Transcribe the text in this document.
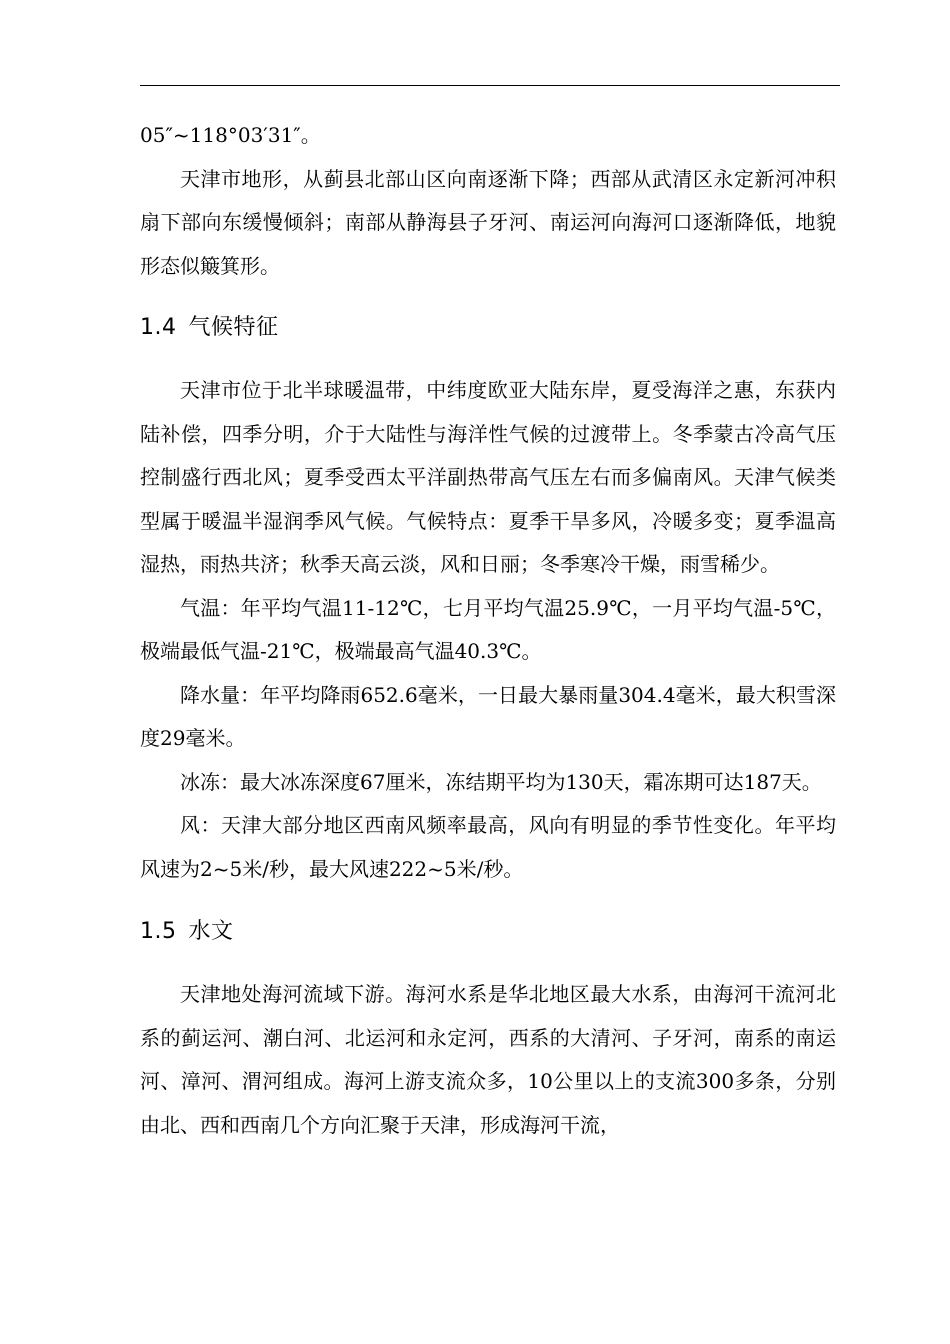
05″~118°03′31″。

天津市地形，从蓟县北部山区向南逐渐下降；西部从武清区永定新河冲积扇下部向东缓慢倾斜；南部从静海县子牙河、南运河向海河口逐渐降低，地貌形态似簸箕形。

1.4 气候特征

天津市位于北半球暖温带，中纬度欧亚大陆东岸，夏受海洋之惠，东获内陆补偿，四季分明，介于大陆性与海洋性气候的过渡带上。冬季蒙古冷高气压控制盛行西北风；夏季受西太平洋副热带高气压左右而多偏南风。天津气候类型属于暖温半湿润季风气候。气候特点：夏季干旱多风，冷暖多变；夏季温高湿热，雨热共济；秋季天高云淡，风和日丽；冬季寒冷干燥，雨雪稀少。

气温：年平均气温11-12℃，七月平均气温25.9℃，一月平均气温-5℃，极端最低气温-21℃，极端最高气温40.3℃。

降水量：年平均降雨652.6毫米，一日最大暴雨量304.4毫米，最大积雪深度29毫米。

冰冻：最大冰冻深度67厘米，冻结期平均为130天，霜冻期可达187天。

风：天津大部分地区西南风频率最高，风向有明显的季节性变化。年平均风速为2~5米/秒，最大风速222~5米/秒。

1.5 水文

天津地处海河流域下游。海河水系是华北地区最大水系，由海河干流河北系的蓟运河、潮白河、北运河和永定河，西系的大清河、子牙河，南系的南运河、漳河、渭河组成。海河上游支流众多，10公里以上的支流300多条，分别由北、西和西南几个方向汇聚于天津，形成海河干流，
